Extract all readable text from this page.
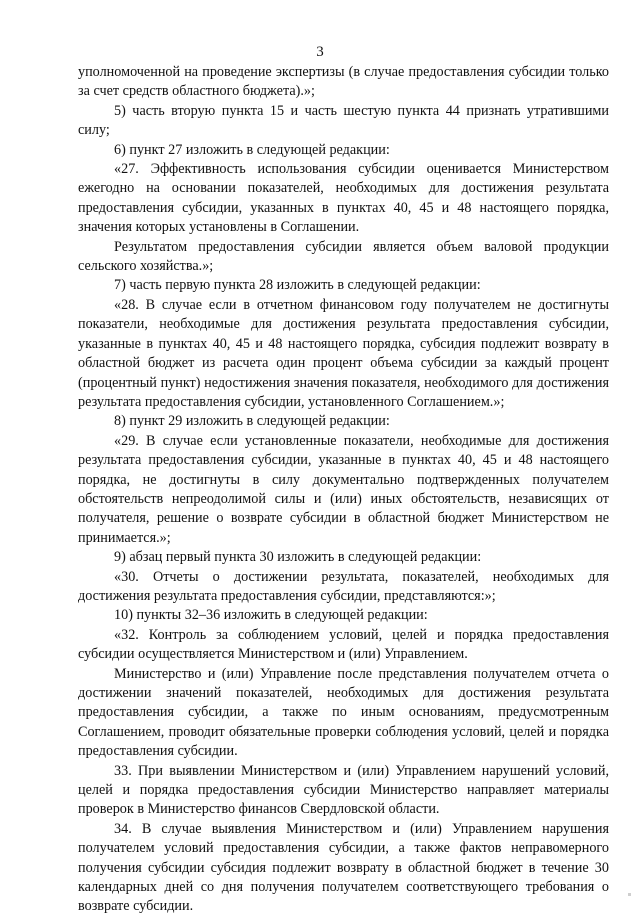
3

уполномоченной на проведение экспертизы (в случае предоставления субсидии только за счет средств областного бюджета).»;

5) часть вторую пункта 15 и часть шестую пункта 44 признать утратившими силу;

6) пункт 27 изложить в следующей редакции:

«27. Эффективность использования субсидии оценивается Министерством ежегодно на основании показателей, необходимых для достижения результата предоставления субсидии, указанных в пунктах 40, 45 и 48 настоящего порядка, значения которых установлены в Соглашении.

Результатом предоставления субсидии является объем валовой продукции сельского хозяйства.»;

7) часть первую пункта 28 изложить в следующей редакции:

«28. В случае если в отчетном финансовом году получателем не достигнуты показатели, необходимые для достижения результата предоставления субсидии, указанные в пунктах 40, 45 и 48 настоящего порядка, субсидия подлежит возврату в областной бюджет из расчета один процент объема субсидии за каждый процент (процентный пункт) недостижения значения показателя, необходимого для достижения результата предоставления субсидии, установленного Соглашением.»;

8) пункт 29 изложить в следующей редакции:

«29. В случае если установленные показатели, необходимые для достижения результата предоставления субсидии, указанные в пунктах 40, 45 и 48 настоящего порядка, не достигнуты в силу документально подтвержденных получателем обстоятельств непреодолимой силы и (или) иных обстоятельств, независящих от получателя, решение о возврате субсидии в областной бюджет Министерством не принимается.»;

9) абзац первый пункта 30 изложить в следующей редакции:

«30. Отчеты о достижении результата, показателей, необходимых для достижения результата предоставления субсидии, представляются:»;

10) пункты 32–36 изложить в следующей редакции:

«32. Контроль за соблюдением условий, целей и порядка предоставления субсидии осуществляется Министерством и (или) Управлением.

Министерство и (или) Управление после представления получателем отчета о достижении значений показателей, необходимых для достижения результата предоставления субсидии, а также по иным основаниям, предусмотренным Соглашением, проводит обязательные проверки соблюдения условий, целей и порядка предоставления субсидии.

33. При выявлении Министерством и (или) Управлением нарушений условий, целей и порядка предоставления субсидии Министерство направляет материалы проверок в Министерство финансов Свердловской области.

34. В случае выявления Министерством и (или) Управлением нарушения получателем условий предоставления субсидии, а также фактов неправомерного получения субсидии субсидия подлежит возврату в областной бюджет в течение 30 календарных дней со дня получения получателем соответствующего требования о возврате субсидии.
